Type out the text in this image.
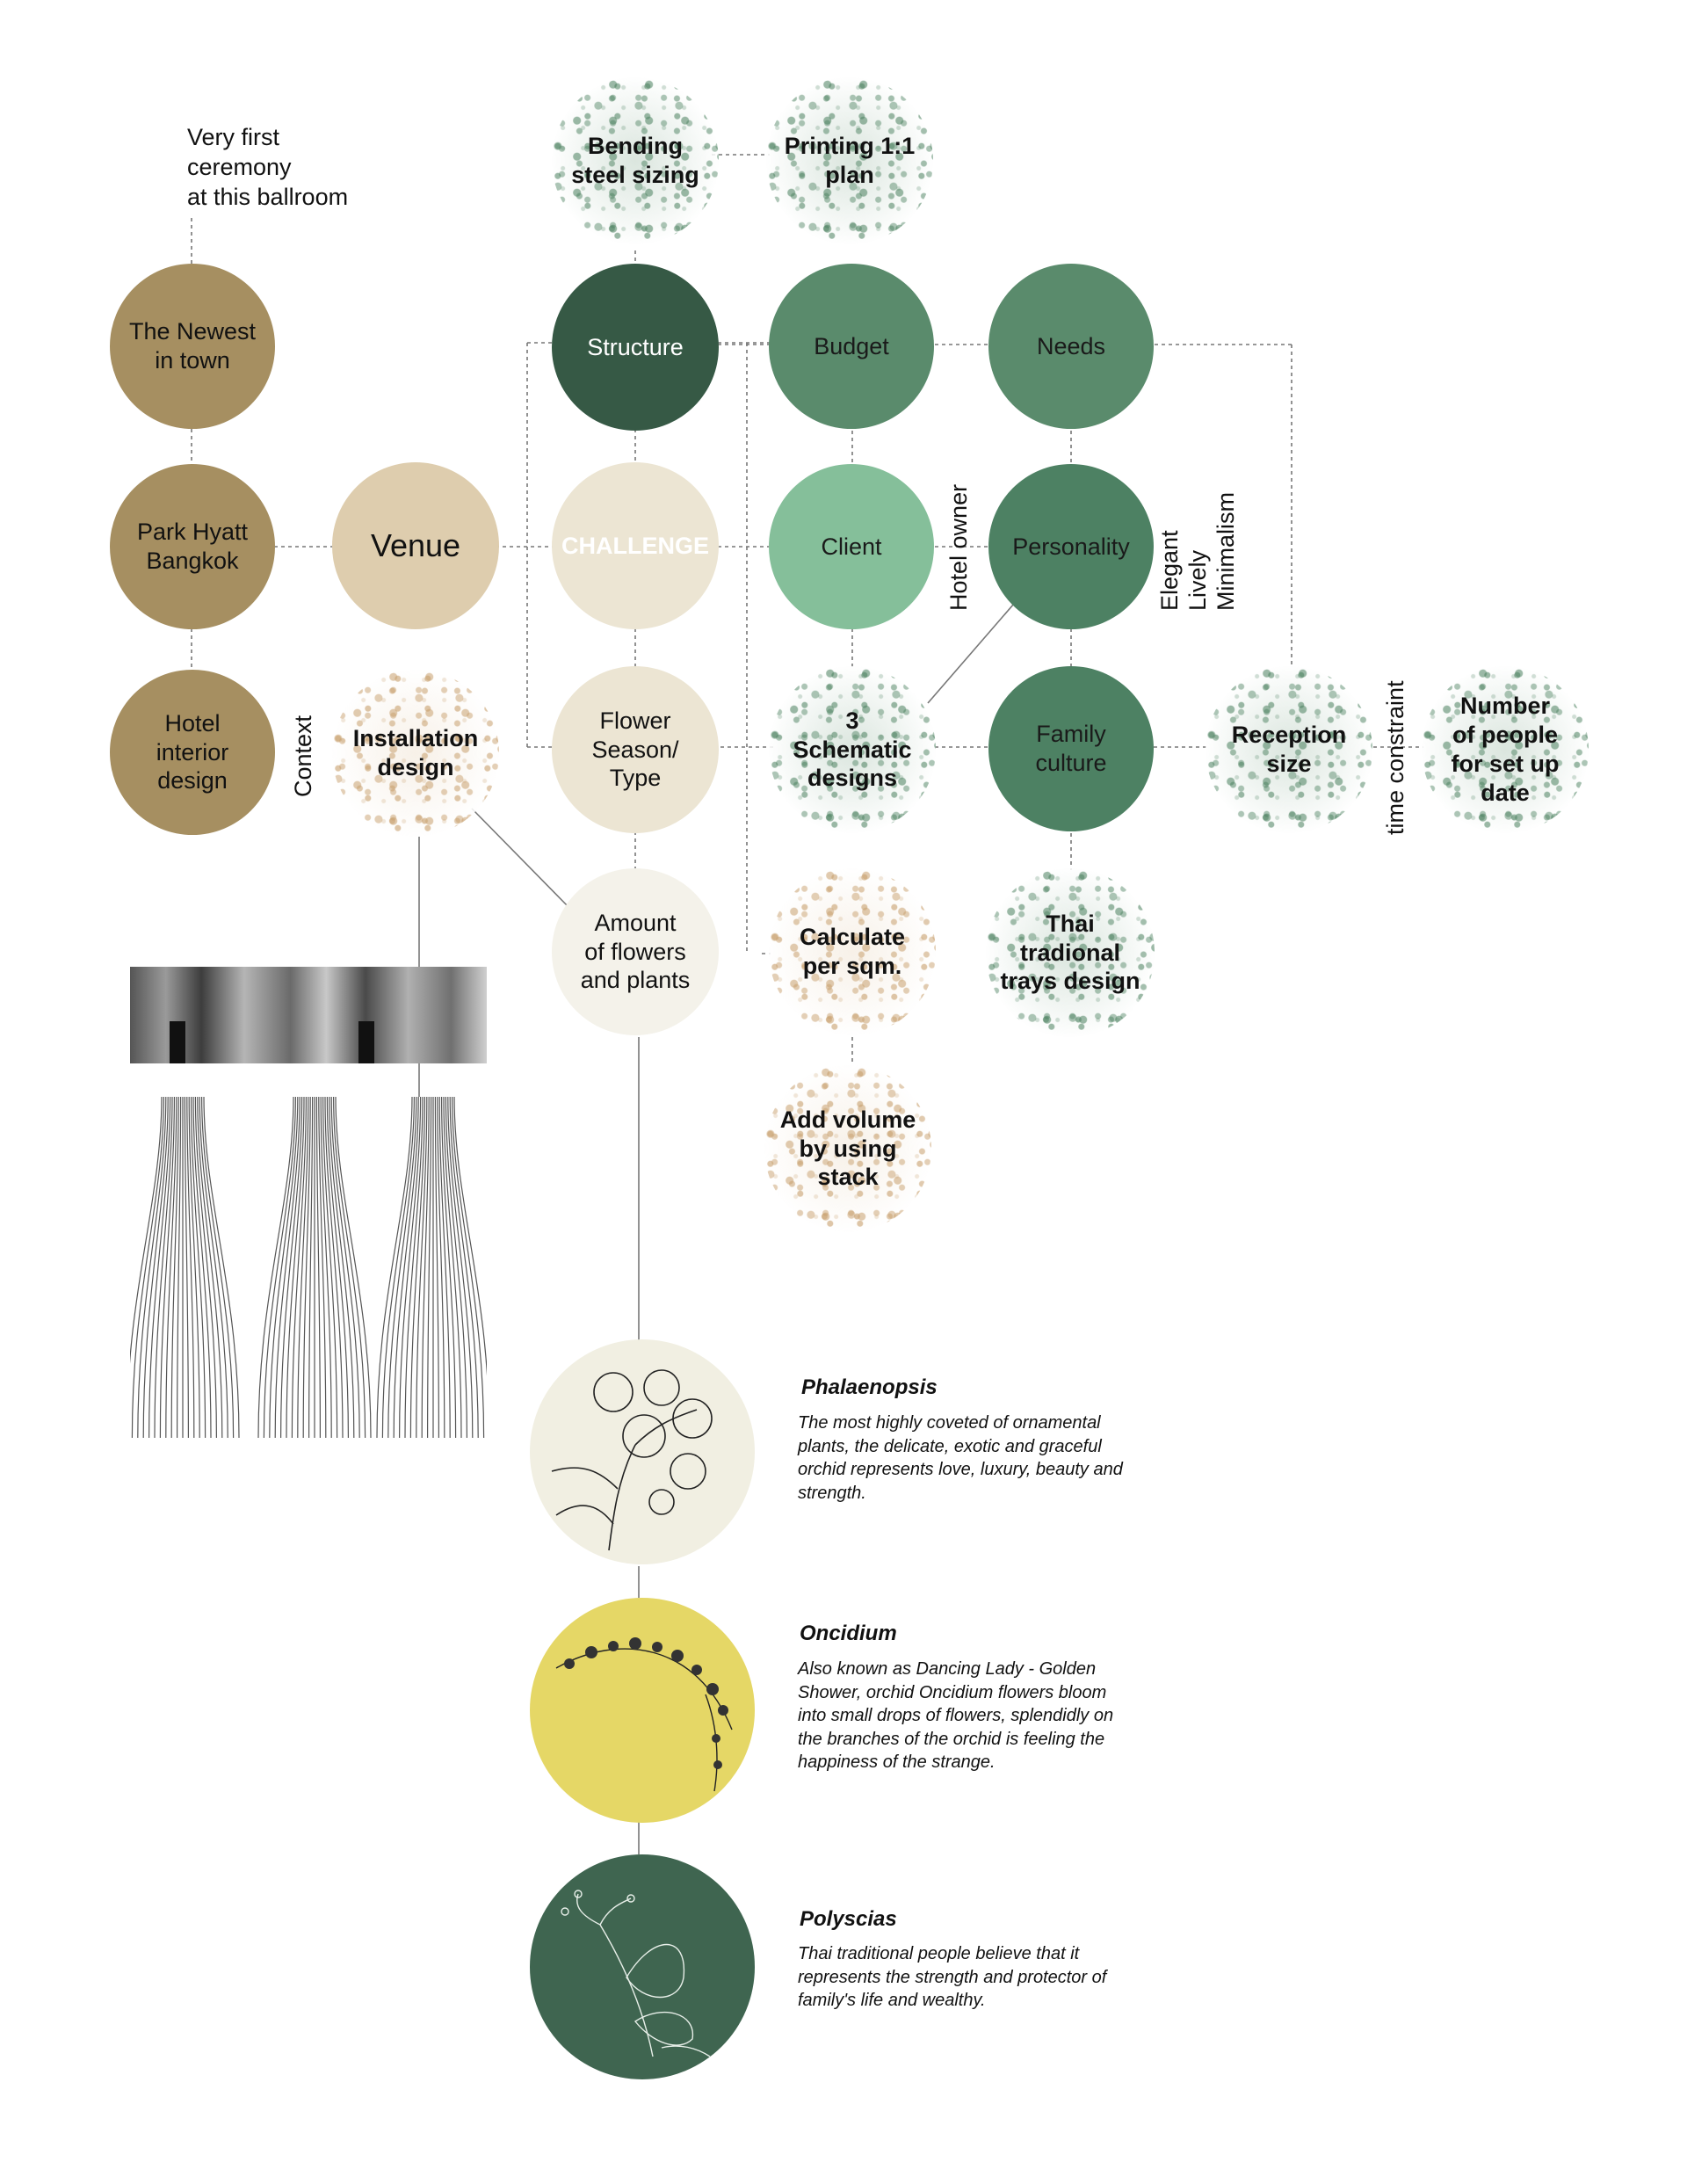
Very first
ceremony
at this ballroom
The Newest
in town
Park Hyatt
Bangkok
Hotel
interior
design	Context
Venue
Installation
design
Bending
steel sizing
Printing 1:1
plan
Structure
CHALLENGE
Flower
Season/
Type
Amount
of flowers
and plants
Budget
Client
3
Schematic
designs
Calculate
per sqm.
Add volume
by using
stack
Hotel owner
Needs
Personality
Family
culture
Thai
tradional
trays design
Elegant
Lively
Minimalism
Reception
size	time constraint	Number
of people
for set up
date
Phalaenopsis
The most highly coveted of ornamental plants, the delicate, exotic and graceful orchid represents love, luxury, beauty and strength.
Oncidium
Also known as Dancing Lady - Golden Shower, orchid Oncidium flowers bloom into small drops of flowers, splendidly on the branches of the orchid is feeling the happiness of the strange.
Polyscias
Thai traditional people believe that it represents the strength and protector of family's life and wealthy.
